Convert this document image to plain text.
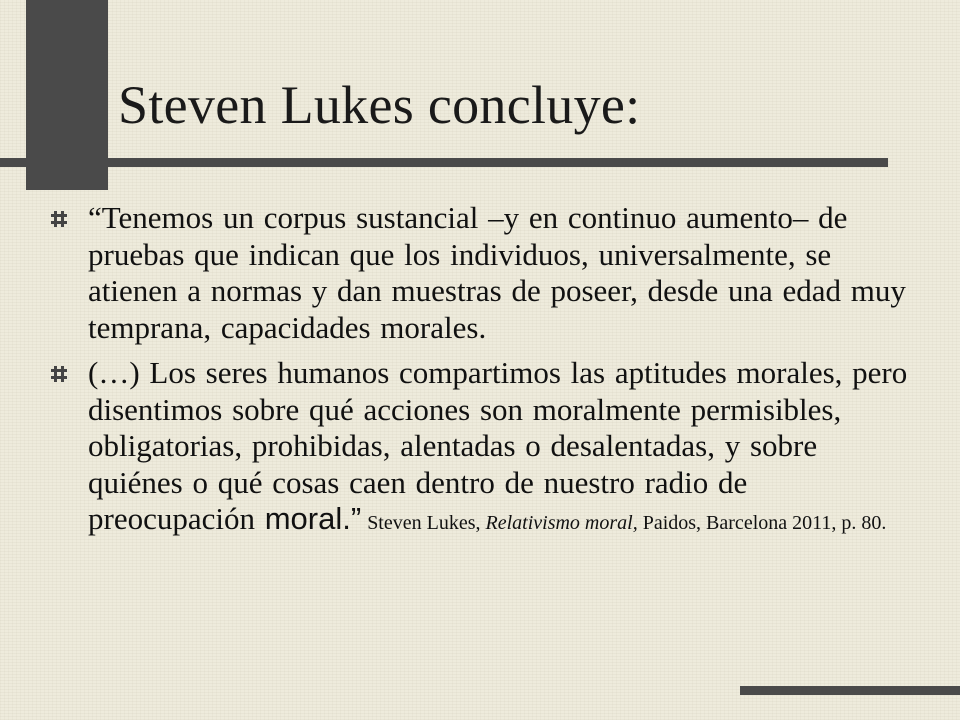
Steven Lukes concluye:
“Tenemos un corpus sustancial –y en continuo aumento– de pruebas que indican que los individuos, universalmente, se atienen a normas y dan muestras de poseer, desde una edad muy temprana, capacidades morales.
(…) Los seres humanos compartimos las aptitudes morales, pero disentimos sobre qué acciones son moralmente permisibles, obligatorias, prohibidas, alentadas o desalentadas, y sobre quiénes o qué cosas caen dentro de nuestro radio de preocupación moral.” Steven Lukes, Relativismo moral, Paidos, Barcelona 2011, p. 80.
